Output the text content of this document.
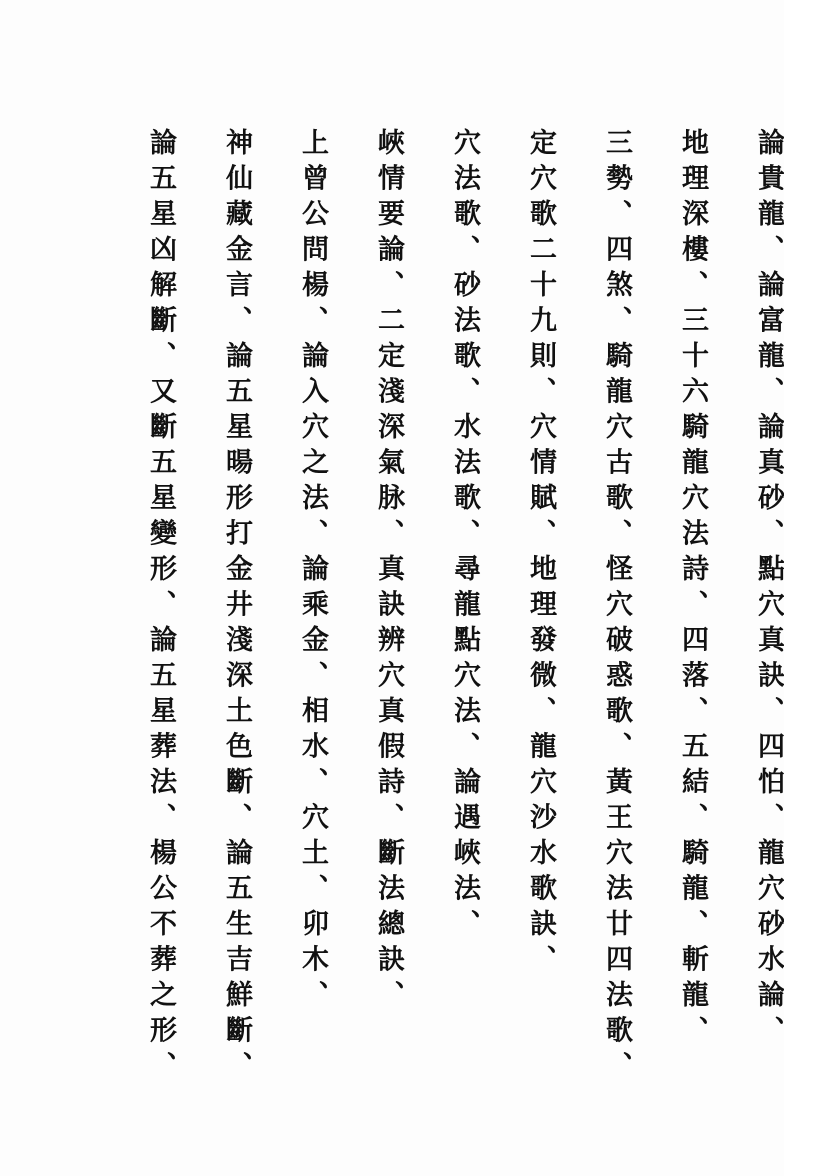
論貴龍、論富龍、論真砂、點穴真訣、四怕、龍穴砂水論、
地理深樓、三十六騎龍穴法詩、四落、五結、騎龍、斬龍、
三勢、四煞、騎龍穴古歌、怪穴破惑歌、黃王穴法廿四法歌、
定穴歌二十九則、穴情賦、地理發微、龍穴沙水歌訣、
穴法歌、砂法歌、水法歌、尋龍點穴法、論遇峽法、
峽情要論、二定淺深氣脉、真訣辨穴真假詩、斷法總訣、
上曾公問楊、論入穴之法、論乘金、相水、穴土、卯木、
神仙藏金言、論五星暘形打金井淺深土色斷、論五生吉鮮斷、
論五星凶解斷、又斷五星變形、論五星葬法、楊公不葬之形、
